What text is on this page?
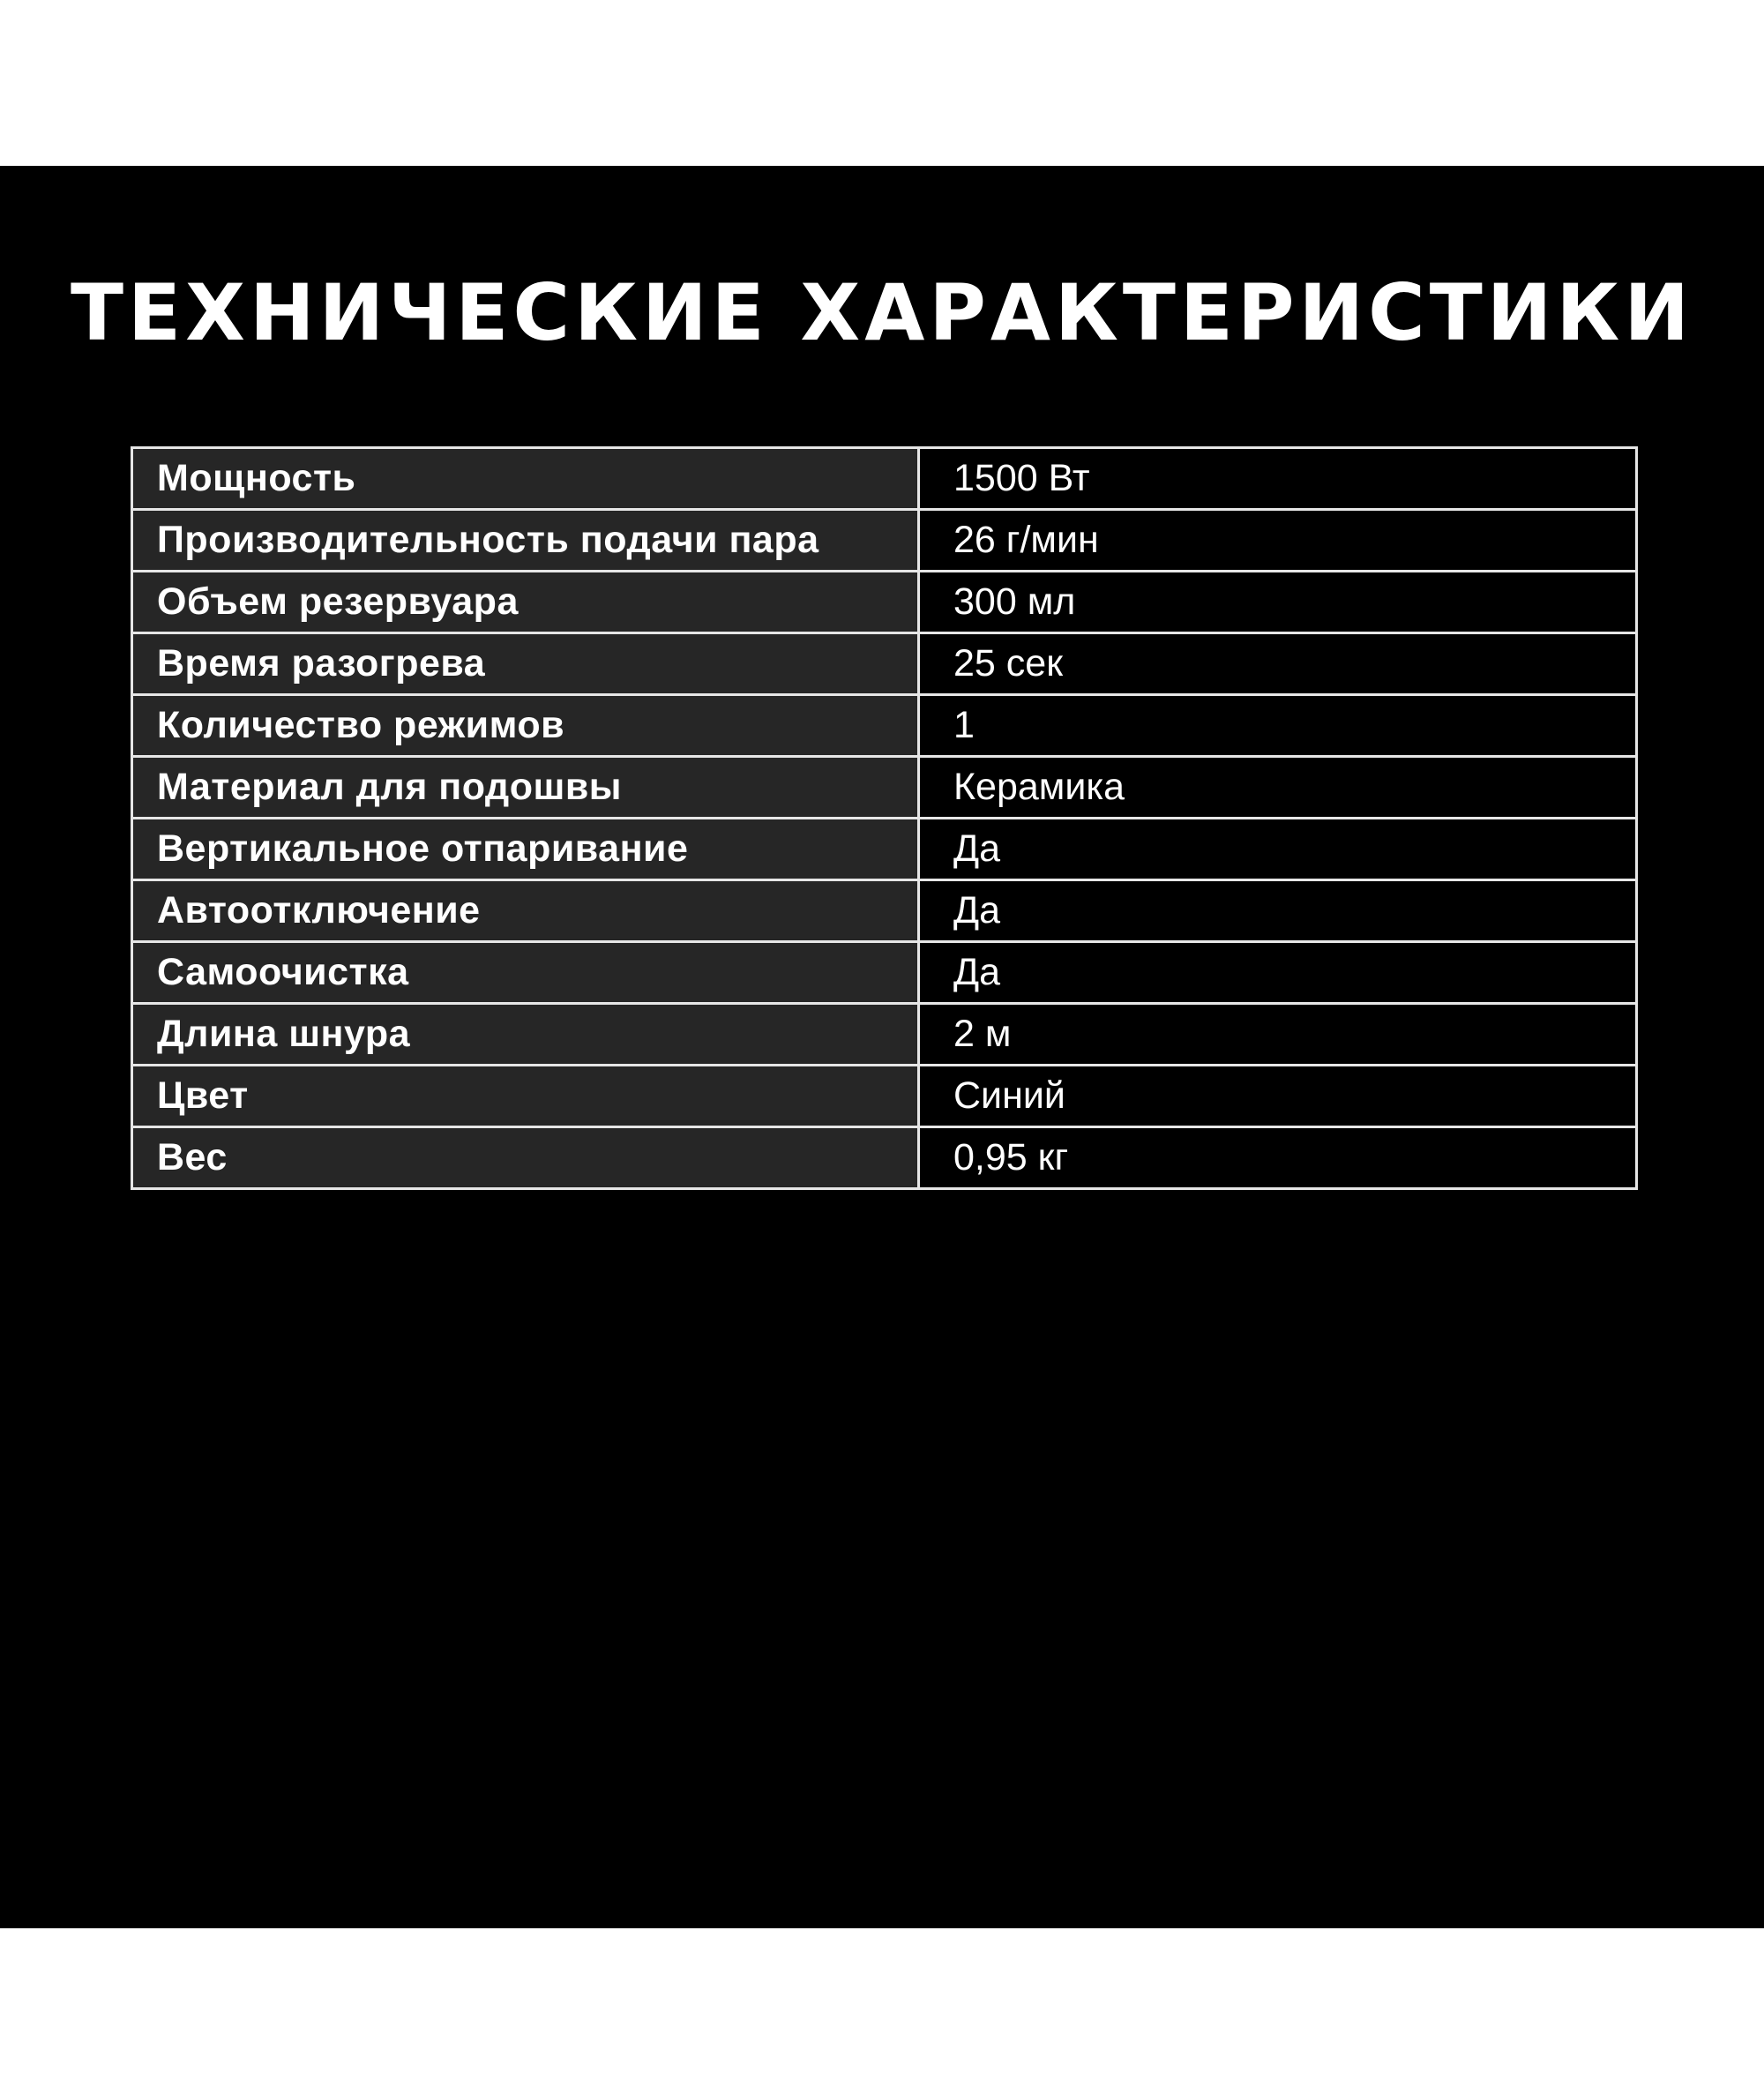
ТЕХНИЧЕСКИЕ ХАРАКТЕРИСТИКИ
Мощность	1500 Вт
Производительность подачи пара	26 г/мин
Объем резервуара	300 мл
Время разогрева	25 сек
Количество режимов	1
Материал для подошвы	Керамика
Вертикальное отпаривание	Да
Автоотключение	Да
Самоочистка	Да
Длина шнура	2 м
Цвет	Синий
Вес	0,95 кг
